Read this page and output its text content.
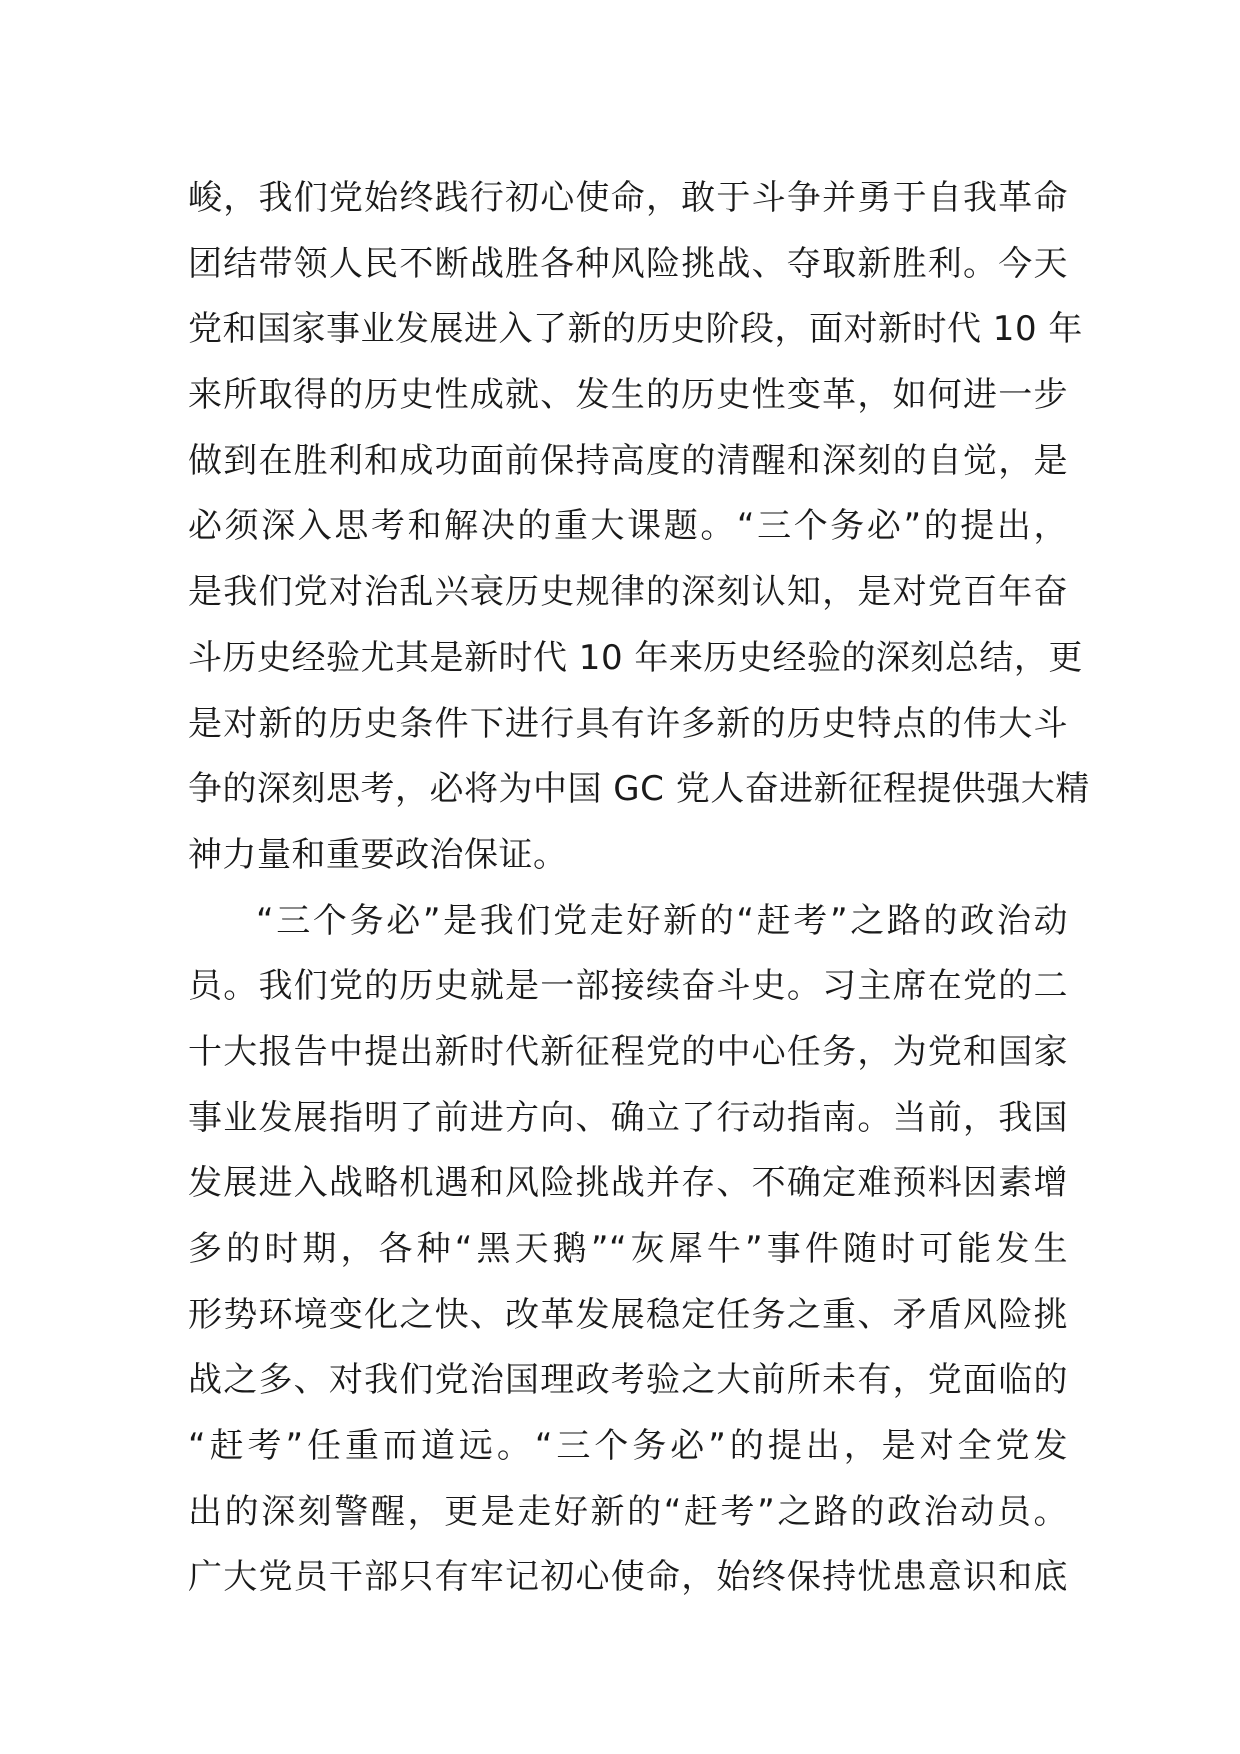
峻，我们党始终践行初心使命，敢于斗争并勇于自我革命
团结带领人民不断战胜各种风险挑战、夺取新胜利。今天
党和国家事业发展进入了新的历史阶段，面对新时代 10 年
来所取得的历史性成就、发生的历史性变革，如何进一步
做到在胜利和成功面前保持高度的清醒和深刻的自觉，是
必须深入思考和解决的重大课题。“三个务必”的提出，
是我们党对治乱兴衰历史规律的深刻认知，是对党百年奋
斗历史经验尤其是新时代 10 年来历史经验的深刻总结，更
是对新的历史条件下进行具有许多新的历史特点的伟大斗
争的深刻思考，必将为中国 GC 党人奋进新征程提供强大精
神力量和重要政治保证。
“三个务必”是我们党走好新的“赶考”之路的政治动
员。我们党的历史就是一部接续奋斗史。习主席在党的二
十大报告中提出新时代新征程党的中心任务，为党和国家
事业发展指明了前进方向、确立了行动指南。当前，我国
发展进入战略机遇和风险挑战并存、不确定难预料因素增
多的时期，各种“黑天鹅”“灰犀牛”事件随时可能发生
形势环境变化之快、改革发展稳定任务之重、矛盾风险挑
战之多、对我们党治国理政考验之大前所未有，党面临的
“赶考”任重而道远。“三个务必”的提出，是对全党发
出的深刻警醒，更是走好新的“赶考”之路的政治动员。
广大党员干部只有牢记初心使命，始终保持忧患意识和底
